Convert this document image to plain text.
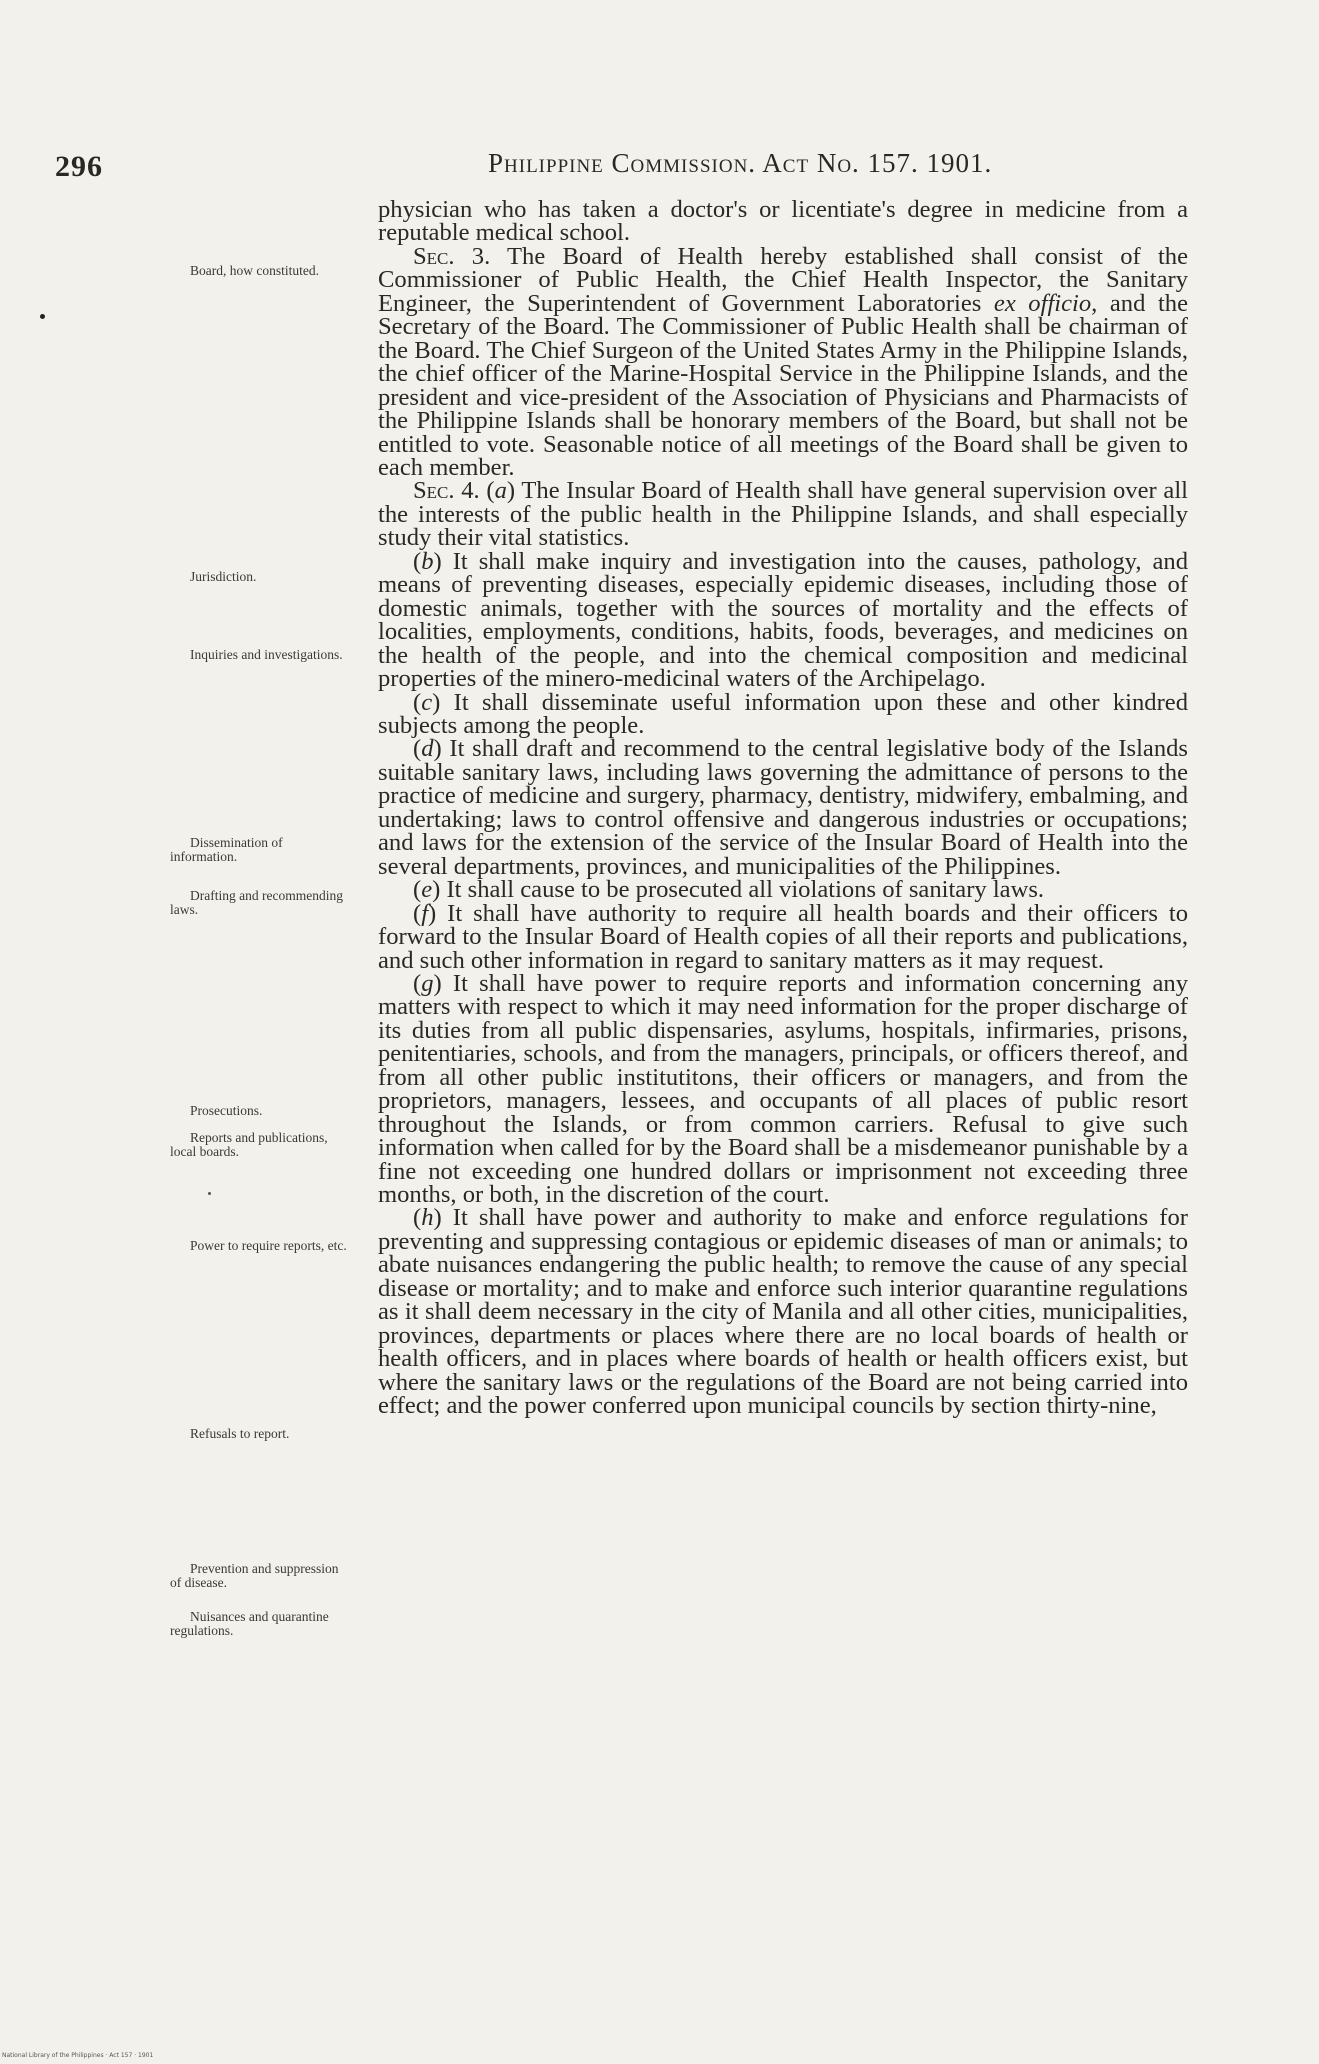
296	Philippine Commission. Act No. 157. 1901.
Board, how constituted.
Jurisdiction.
Inquiries and investigations.
Dissemination of information.
Drafting and recommending laws.
Prosecutions.
Reports and publications, local boards.
Power to require reports, etc.
Refusals to report.
Prevention and suppression of disease.
Nuisances and quarantine regulations.

physician who has taken a doctor's or licentiate's degree in medicine from a reputable medical school.

Sec. 3. The Board of Health hereby established shall consist of the Commissioner of Public Health, the Chief Health Inspector, the Sanitary Engineer, the Superintendent of Government Laboratories ex officio, and the Secretary of the Board. The Commissioner of Public Health shall be chairman of the Board. The Chief Surgeon of the United States Army in the Philippine Islands, the chief officer of the Marine-Hospital Service in the Philippine Islands, and the president and vice-president of the Association of Physicians and Pharmacists of the Philippine Islands shall be honorary members of the Board, but shall not be entitled to vote. Seasonable notice of all meetings of the Board shall be given to each member.

Sec. 4. (a) The Insular Board of Health shall have general supervision over all the interests of the public health in the Philippine Islands, and shall especially study their vital statistics.

(b) It shall make inquiry and investigation into the causes, pathology, and means of preventing diseases, especially epidemic diseases, including those of domestic animals, together with the sources of mortality and the effects of localities, employments, conditions, habits, foods, beverages, and medicines on the health of the people, and into the chemical composition and medicinal properties of the minero-medicinal waters of the Archipelago.

(c) It shall disseminate useful information upon these and other kindred subjects among the people.

(d) It shall draft and recommend to the central legislative body of the Islands suitable sanitary laws, including laws governing the admittance of persons to the practice of medicine and surgery, pharmacy, dentistry, midwifery, embalming, and undertaking; laws to control offensive and dangerous industries or occupations; and laws for the extension of the service of the Insular Board of Health into the several departments, provinces, and municipalities of the Philippines.

(e) It shall cause to be prosecuted all violations of sanitary laws.

(f) It shall have authority to require all health boards and their officers to forward to the Insular Board of Health copies of all their reports and publications, and such other information in regard to sanitary matters as it may request.

(g) It shall have power to require reports and information concerning any matters with respect to which it may need information for the proper discharge of its duties from all public dispensaries, asylums, hospitals, infirmaries, prisons, penitentiaries, schools, and from the managers, principals, or officers thereof, and from all other public institutitons, their officers or managers, and from the proprietors, managers, lessees, and occupants of all places of public resort throughout the Islands, or from common carriers. Refusal to give such information when called for by the Board shall be a misdemeanor punishable by a fine not exceeding one hundred dollars or imprisonment not exceeding three months, or both, in the discretion of the court.

(h) It shall have power and authority to make and enforce regulations for preventing and suppressing contagious or epidemic diseases of man or animals; to abate nuisances endangering the public health; to remove the cause of any special disease or mortality; and to make and enforce such interior quarantine regulations as it shall deem necessary in the city of Manila and all other cities, municipalities, provinces, departments or places where there are no local boards of health or health officers, and in places where boards of health or health officers exist, but where the sanitary laws or the regulations of the Board are not being carried into effect; and the power conferred upon municipal councils by section thirty-nine,

National Library of the Philippines · Act 157 · 1901
